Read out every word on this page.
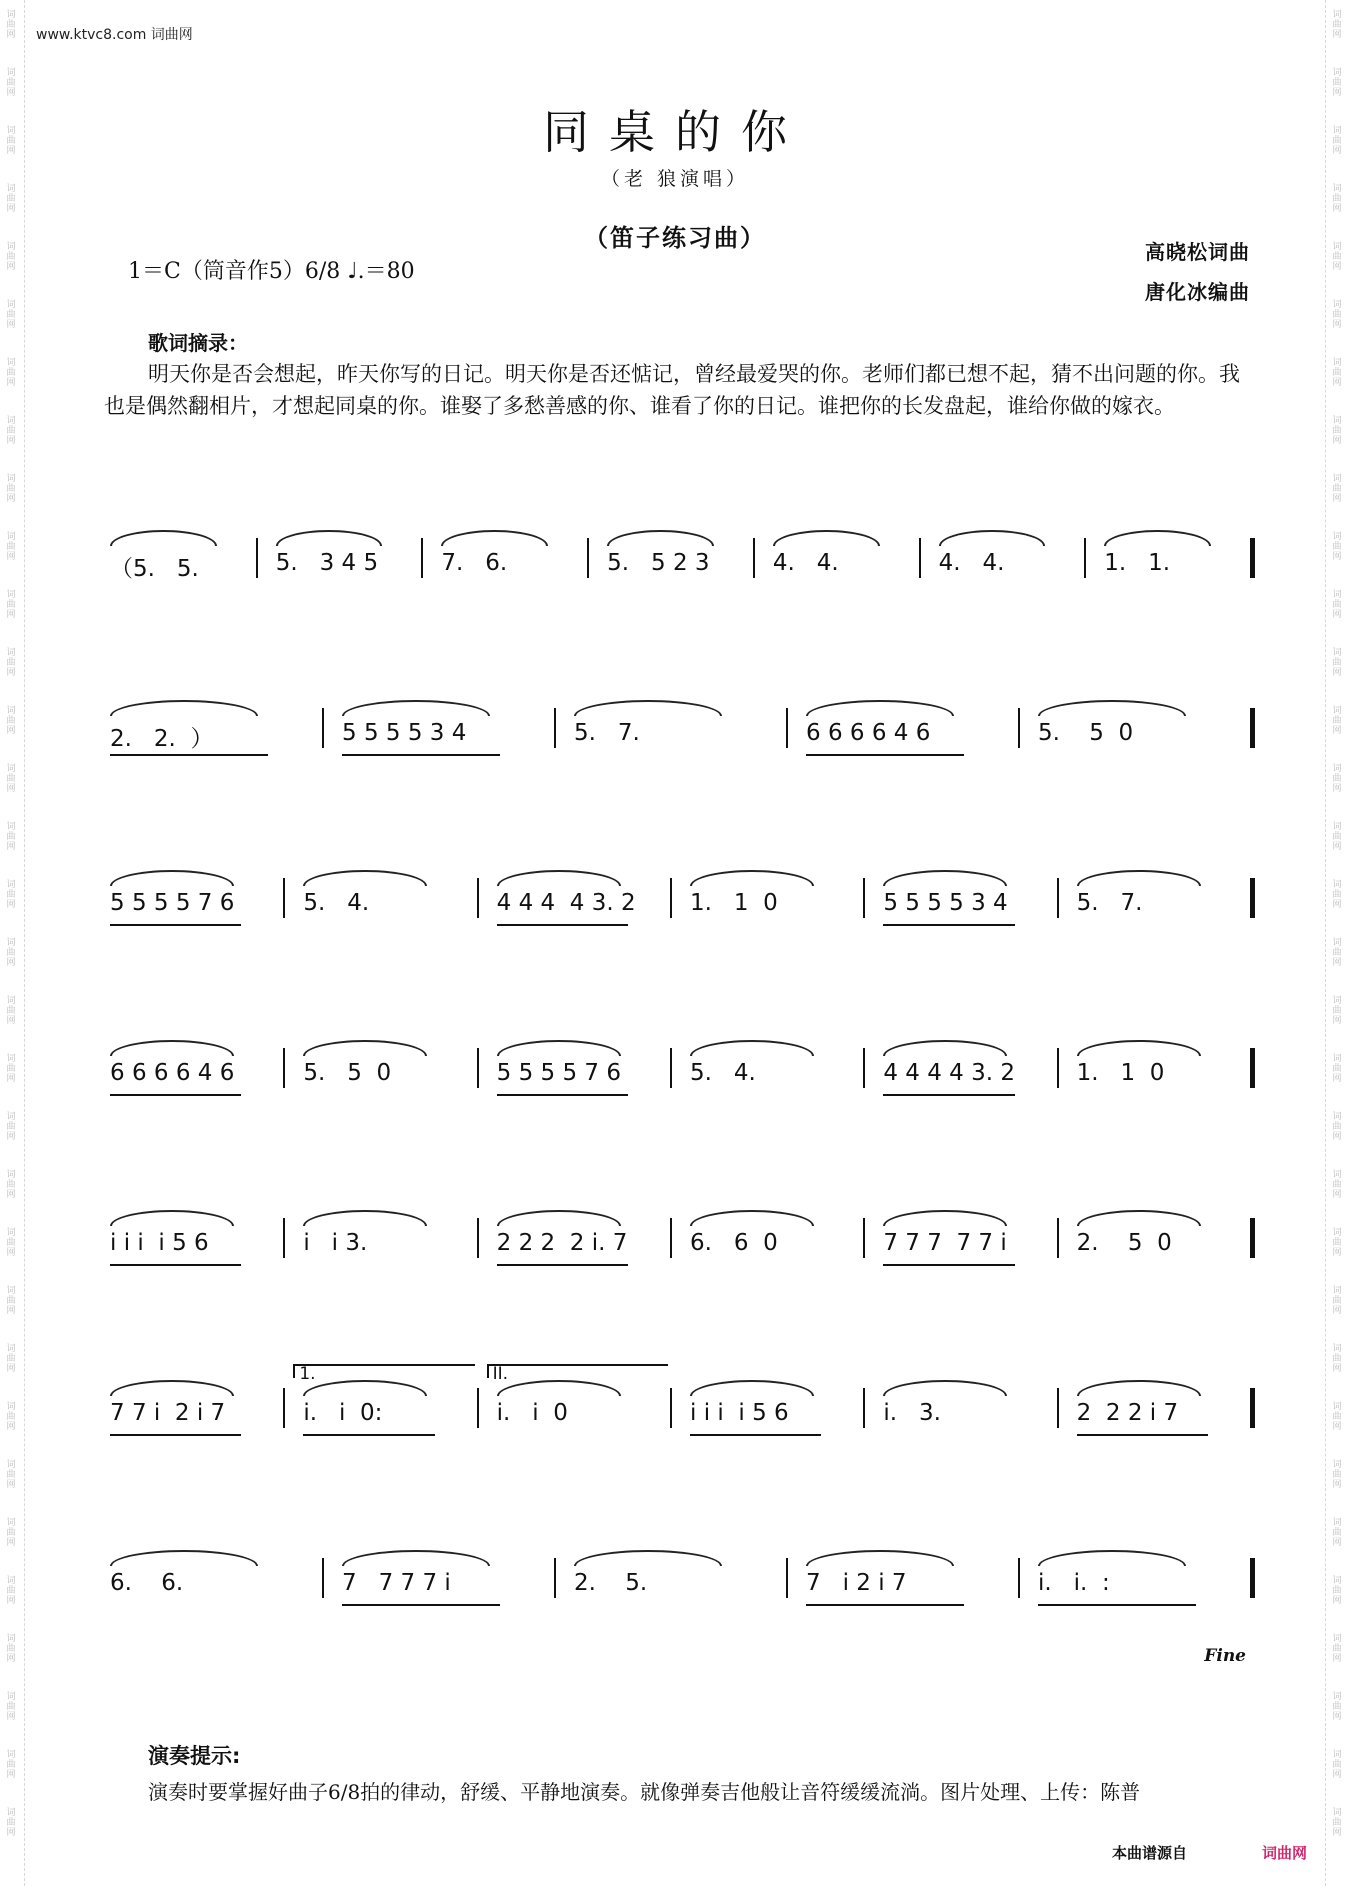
词曲网
词曲网
词曲网
词曲网
词曲网
词曲网
词曲网
词曲网
词曲网
词曲网
词曲网
词曲网
词曲网
词曲网
词曲网
词曲网
词曲网
词曲网
词曲网
词曲网
词曲网
词曲网
词曲网
词曲网
词曲网
词曲网
词曲网
词曲网
词曲网
词曲网
词曲网
词曲网
词曲网
词曲网
词曲网
词曲网
词曲网
词曲网
词曲网
词曲网
词曲网
词曲网
词曲网
词曲网
词曲网
词曲网
词曲网
词曲网
词曲网
词曲网
词曲网
词曲网
词曲网
词曲网
词曲网
词曲网
词曲网
词曲网
词曲网
词曲网
词曲网
词曲网
词曲网
词曲网
www.ktvc8.com 词曲网
同桌的你
（老 狼演唱）
（笛子练习曲）
1＝C（筒音作5）6/8 ♩.＝80
高晓松词曲
唐化冰编曲
歌词摘录：
明天你是否会想起，昨天你写的日记。明天你是否还惦记，曾经最爱哭的你。老师们都已想不起，猜不出问题的你。我也是偶然翻相片，才想起同桌的你。谁娶了多愁善感的你、谁看了你的日记。谁把你的长发盘起，谁给你做的嫁衣。
（5.   5.	5.   3 4 5	7.   6.	5.   5 2 3	4.   4.	4.   4.	1.   1.
2.   2.  ）	5 5 5 5 3 4	5.   7.	6 6 6 6 4 6	5.    5  0
5 5 5 5 7 6	5.   4.	4 4 4  4 3. 2 1.   1  0	5 5 5 5 3 4	5.   7.
6 6 6 6 4 6	5.   5  0	5 5 5 5 7 6	5.   4.	4 4 4 4 3. 2	1.   1  0
i i i  i 5 6	i   i 3.	2 2 2  2 i. 7	6.   6  0	7 7 7  7 7 i	2.    5  0
7 7 i  2 i 7	i.   i  0:	i.   i  0	i i i  i 5 6	i.   3.	2  2 2 i 7
1.	II.
6.    6.	7   7 7 7 i	2.    5.	7   i 2 i 7	i.   i.  :
Fine
演奏提示:
演奏时要掌握好曲子6/8拍的律动，舒缓、平静地演奏。就像弹奏吉他般让音符缓缓流淌。图片处理、上传：陈普
本曲谱源自	词曲网
